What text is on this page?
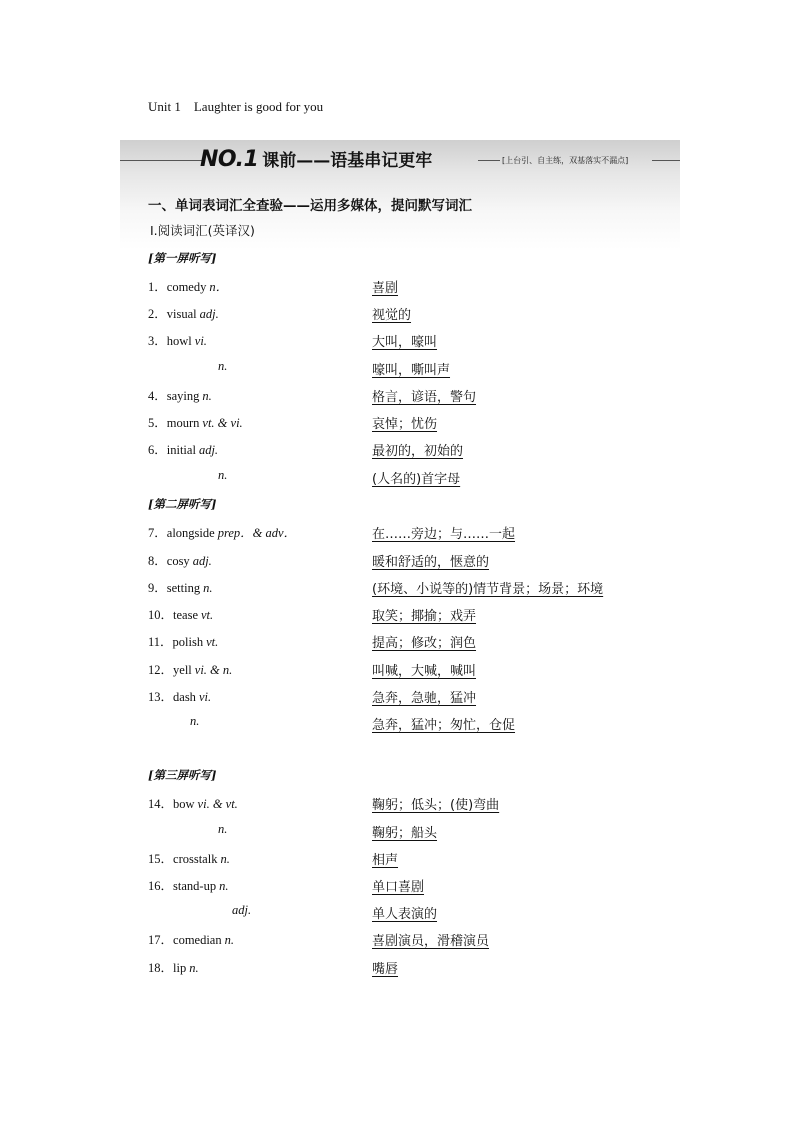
Unit 1　Laughter is good for you
NO.1 课前——语基串记更牢	[上台引、自主练，双基落实不漏点]
一、单词表词汇全查验——运用多媒体，提问默写词汇
Ⅰ.阅读词汇(英译汉)
[第一屏听写]
[第二屏听写]
[第三屏听写]
1．comedy n．	喜剧
2．visual adj.	视觉的
3．howl vi.	大叫，嚎叫
n.	嚎叫，嘶叫声
4．saying n.	格言，谚语，警句
5．mourn vt. & vi.	哀悼；忧伤
6．initial adj.	最初的，初始的
n.	(人名的)首字母
7．alongside prep．& adv．	在……旁边；与……一起
8．cosy adj.	暖和舒适的，惬意的
9．setting n.	(环境、小说等的)情节背景；场景；环境
10．tease vt.	取笑；揶揄；戏弄
11．polish vt.	提高；修改；润色
12．yell vi. & n.	叫喊，大喊，喊叫
13．dash vi.	急奔，急驰，猛冲
n.	急奔，猛冲；匆忙，仓促
14．bow vi. & vt.	鞠躬；低头；(使)弯曲
n.	鞠躬；船头
15．crosstalk n.	相声
16．stand-up n.	单口喜剧
adj.	单人表演的
17．comedian n.	喜剧演员，滑稽演员
18．lip n.	嘴唇
